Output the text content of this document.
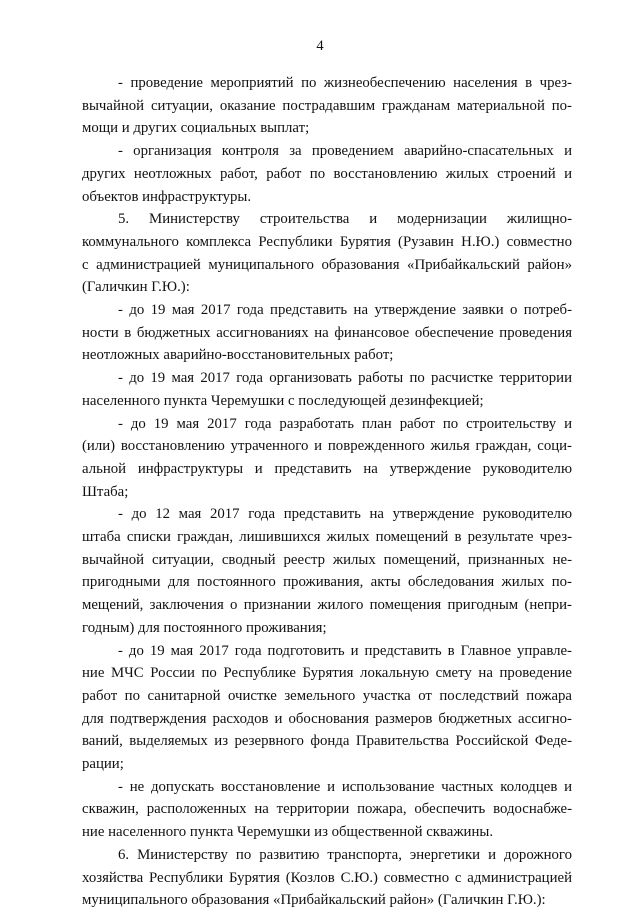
4
- проведение мероприятий по жизнеобеспечению населения в чрез-
вычайной ситуации, оказание пострадавшим гражданам материальной по-
мощи и других социальных выплат;
- организация контроля за проведением аварийно-спасательных и
других неотложных работ, работ по восстановлению жилых строений и
объектов инфраструктуры.
5. Министерству строительства и модернизации жилищно-
коммунального комплекса Республики Бурятия (Рузавин Н.Ю.) совместно
с администрацией муниципального образования «Прибайкальский район»
(Галичкин Г.Ю.):
- до 19 мая 2017 года представить на утверждение заявки о потреб-
ности в бюджетных ассигнованиях на финансовое обеспечение проведения
неотложных аварийно-восстановительных работ;
- до 19 мая 2017 года организовать работы по расчистке территории
населенного пункта Черемушки с последующей дезинфекцией;
- до 19 мая 2017 года разработать план работ по строительству и
(или) восстановлению утраченного и поврежденного жилья граждан, соци-
альной инфраструктуры и представить на утверждение руководителю
Штаба;
- до 12 мая 2017 года представить на утверждение руководителю
штаба списки граждан, лишившихся жилых помещений в результате чрез-
вычайной ситуации, сводный реестр жилых помещений, признанных не-
пригодными для постоянного проживания, акты обследования жилых по-
мещений, заключения о признании жилого помещения пригодным (непри-
годным) для постоянного проживания;
- до 19 мая 2017 года подготовить и представить в Главное управле-
ние МЧС России по Республике Бурятия локальную смету на проведение
работ по санитарной очистке земельного участка от последствий пожара
для подтверждения расходов и обоснования размеров бюджетных ассигно-
ваний, выделяемых из резервного фонда Правительства Российской Феде-
рации;
- не допускать восстановление и использование частных колодцев и
скважин, расположенных на территории пожара, обеспечить водоснабже-
ние населенного пункта Черемушки из общественной скважины.
6. Министерству по развитию транспорта, энергетики и дорожного
хозяйства Республики Бурятия (Козлов С.Ю.) совместно с администрацией
муниципального образования «Прибайкальский район» (Галичкин Г.Ю.):
